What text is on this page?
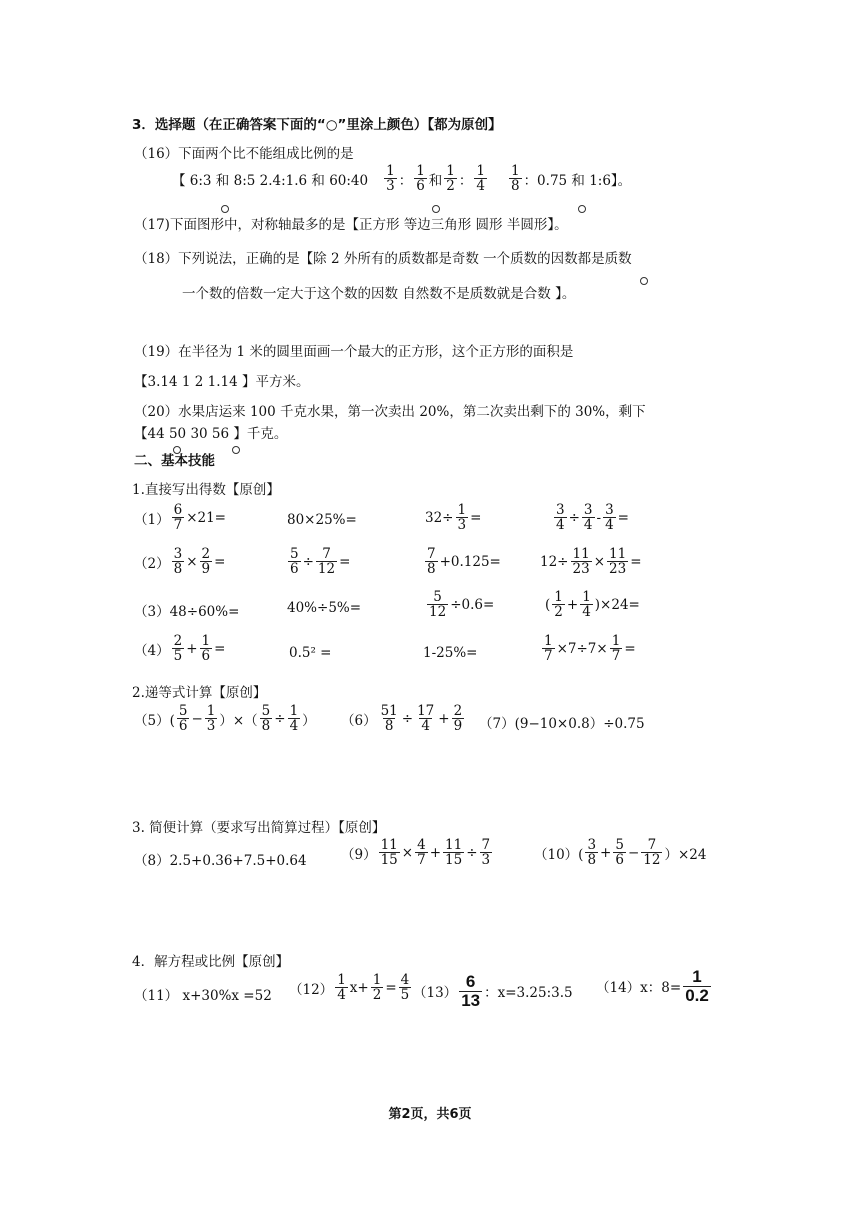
3．选择题（在正确答案下面的“○”里涂上颜色）【都为原创】
（16）下面两个比不能组成比例的是
【 6:3 和 8:5 2.4:1.6 和 60:40
1
3 ：
1
6 和
1
2 ：
1
4
1
8 ：0.75 和 1:6】。
（17)下面图形中，对称轴最多的是【正方形 等边三角形 圆形 半圆形】。
（18）下列说法，正确的是【除 2 外所有的质数都是奇数 一个质数的因数都是质数
一个数的倍数一定大于这个数的因数 自然数不是质数就是合数 】。
（19）在半径为 1 米的圆里面画一个最大的正方形，这个正方形的面积是
【3.14 1 2 1.14 】平方米。
（20）水果店运来 100 千克水果，第一次卖出 20%，第二次卖出剩下的 30%，剩下
【44 50 30 56 】千克。
二、基本技能
1.直接写出得数【原创】
$(1) \frac{6}{7} \times 21=$	80×25%=	$32\div \frac{1}{3}$ =	$\frac{3}{4} \div \frac{3}{4} - \frac{3}{4}$ =
$(2) \frac{3}{8} \times \frac{2}{9}$ =	$\frac{5}{6} \div \frac{7}{12}$ =	7
8 +0.125=	$12\div \frac{11}{23} \times \frac{11}{23}$ =
（3）48÷60%=	40%÷5%=	$\frac{5}{12} \div 0.6=$	( 1
$2 + \frac{1}{4} )\times 24=$
（4）
2
$5 + \frac{1}{6}$ =	0.5² =	1-25%=	$\frac{1}{7} \times 7\div 7\times \frac{1}{7}$ =
2.递等式计算【原创】
（5）(
5
$6 - \frac{1}{3}$ ）×（ $\frac{5}{8} \div \frac{1}{4}$ ） $(6) \frac{51}{8} \div \frac{17}{4} + \frac{2}{9} (7)(9-10\times 0.8)\div 0.75$
3. 简便计算（要求写出简算过程）【原创】
（8）2.5+0.36+7.5+0.64	$(9) \frac{11}{15} \times \frac{4}{7} + \frac{11}{15} \div \frac{7}{3}$	（10）(
3
$8 + \frac{5}{6} - \frac{7}{12} )\times 24$
4．解方程或比例【原创】
（11） x+30%x =52 （12）
1
4 $x+ \frac{1}{2} = \frac{4}{5} (13)$
6
13 ：x=3.25:3.5 （14）x：$8= \frac{1}{0.2}$
第2页，共6页
